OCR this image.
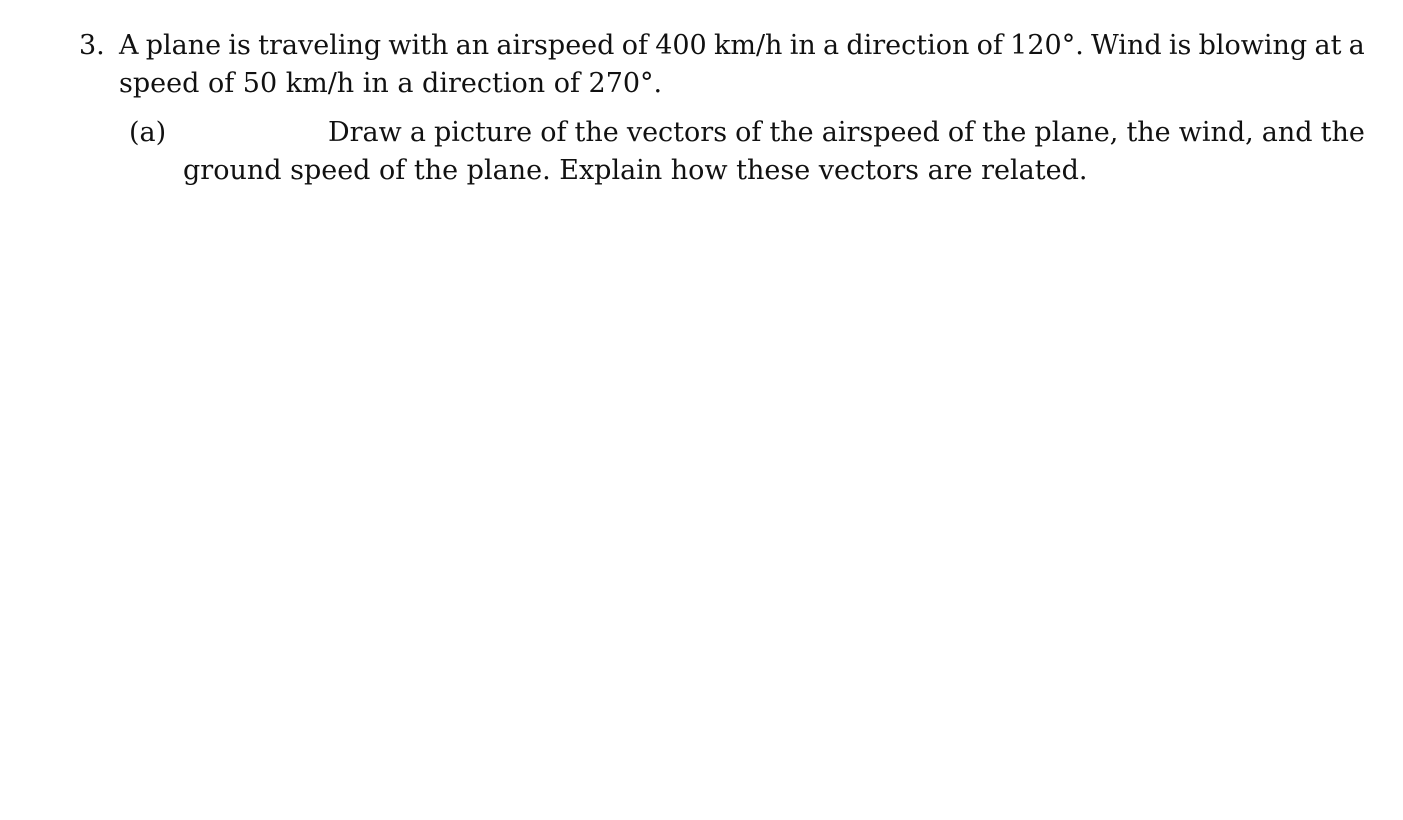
3. A plane is traveling with an airspeed of 400 km/h in a direction of 120°. Wind is blowing at a
speed of 50 km/h in a direction of 270°.
(a)	Draw a picture of the vectors of the airspeed of the plane, the wind, and the
ground speed of the plane. Explain how these vectors are related.
